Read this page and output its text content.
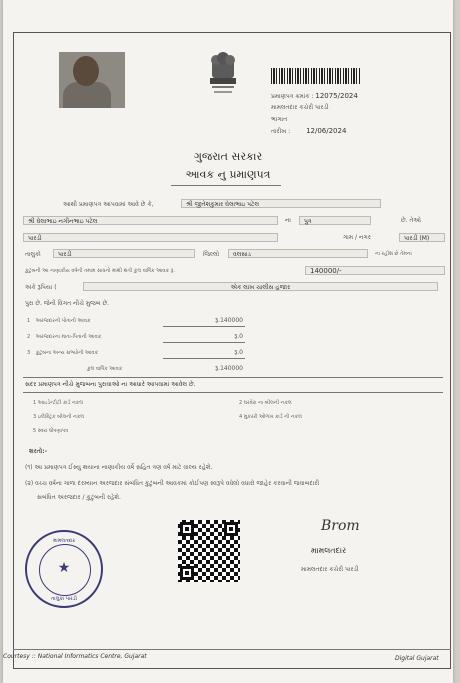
પ્રમાણપત્ર ક્રમાંક : 12075/2024
મામલતદાર કચેરી પારડી
ભાગાત
તારીખ : 12/06/2024
ગુજરાત સરકાર
આવક નુ પ્રમાણપત્ર
આથી પ્રમાણપત્ર આપવામાં આવે છે કે,	શ્રી જીતેશકુમાર ઘેલાભાઇ પટેલ
શ્રી ઘેલાભાઇ નગીનભાઇ પટેલ	ના	પુત્ર	છે. તેઓ
પારડી	ગામ / નગર	પારડી (M)
તાલુકો	પારડી	જિલ્લો	વલસાડ	ના રહીશ છે તેમના
કુટુંબની આ નાણાકીય વર્ષની તમામ સાધનો માંથી થતી કુલ વાર્ષિક આવક રૂ.	140000/-
અંકે રૂપિયા (	એક લાખ ચાલીસ હજાર
પુરા છે. જેની વિગત નીચે મુજબ છે.
1 અરજદારની પોતાની આવક	રૂ.140000
2 અરજદારના માતા-પિતાની આવક	રૂ.0
3 કુટુંબના અન્ય સભ્યોની આવક	રૂ.0
કુલ વાર્ષિક આવક	રૂ.140000
સદર પ્રમાણપત્ર નીચે મુજબના પુરાવાઓ ના આધારે આપવામાં આવેલ છે.
1 આઇડેન્ટીટી કાર્ડ નકલ	2 ઘરવેરા ના બીલની નકલ
3 ઇલેક્ટ્રિક બીલની નકલ	4 મુકરરી ઓળખ કાર્ડ ની નકલ
5 સ્વયં ઘોષણાપત્ર
શરતો:-
(૧) આ પ્રમાણપત્ર ઈસ્યુ થયાના નાણાકીય વર્ષે સહિત ત્રણ વર્ષ માટે વાલ્ય રહેશે.
(૨) વચ્ચ વર્ષના ગાળા દરમ્યાન અરજદાર સંબંધિત કુટુંબની આવકમાં કોઈપણ સ્વરૂપે વધેલો વધારો જાહેર કરવાની જવાબદારી
સબંધિત અરજદાર / કુટુંબની રહેશે.
મામલતદાર
★
તાલુકા પારડી
Brom
મામલતદાર
મામલતદાર કચેરી પારડી
Courtesy :: National Informatics Centre, Gujarat	Digital Gujarat
